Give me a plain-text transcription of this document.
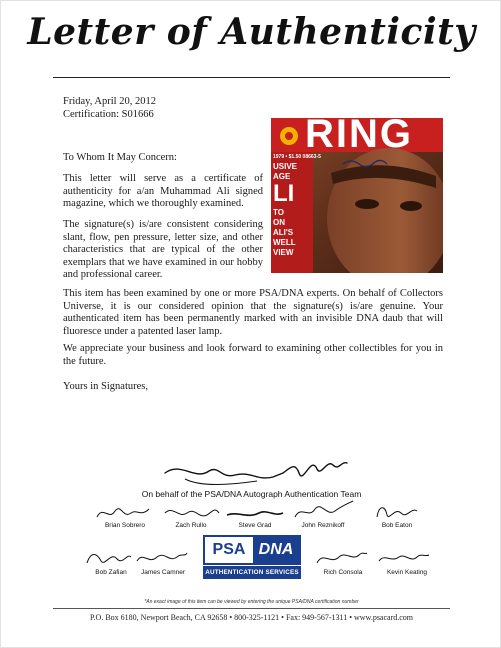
Letter of Authenticity
Friday, April 20, 2012
Certification: S01666
To Whom It May Concern:
This letter will serve as a certificate of authenticity for a/an Muhammad Ali signed magazine, which we thoroughly examined.
The signature(s) is/are consistent considering slant, flow, pen pressure, letter size, and other characteristics that are typical of the other exemplars that we have examined in our hobby and professional career.
This item has been examined by one or more PSA/DNA experts. On behalf of Collectors Universe, it is our considered opinion that the signature(s) is/are genuine. Your authenticated item has been permanently marked with an invisible DNA daub that will fluoresce under a patented laser lamp.
We appreciate your business and look forward to examining other collectibles for you in the future.
Yours in Signatures,
RING
1979 • $1.50 08663-5
USIVE
AGE
LI
TO
ON
ALI'S
WELL
VIEW
On behalf of the PSA/DNA Autograph Authentication Team
Brian Sobrero	Zach Rullo	Steve Grad	John Reznikoff	Bob Eaton
Bob Zafian	James Camner
PSA DNA
AUTHENTICATION SERVICES	Rich Consola	Kevin Keating
*An exact image of this item can be viewed by entering the unique PSA/DNA certification number
P.O. Box 6180, Newport Beach, CA 92658 • 800-325-1121 • Fax: 949-567-1311 • www.psacard.com
